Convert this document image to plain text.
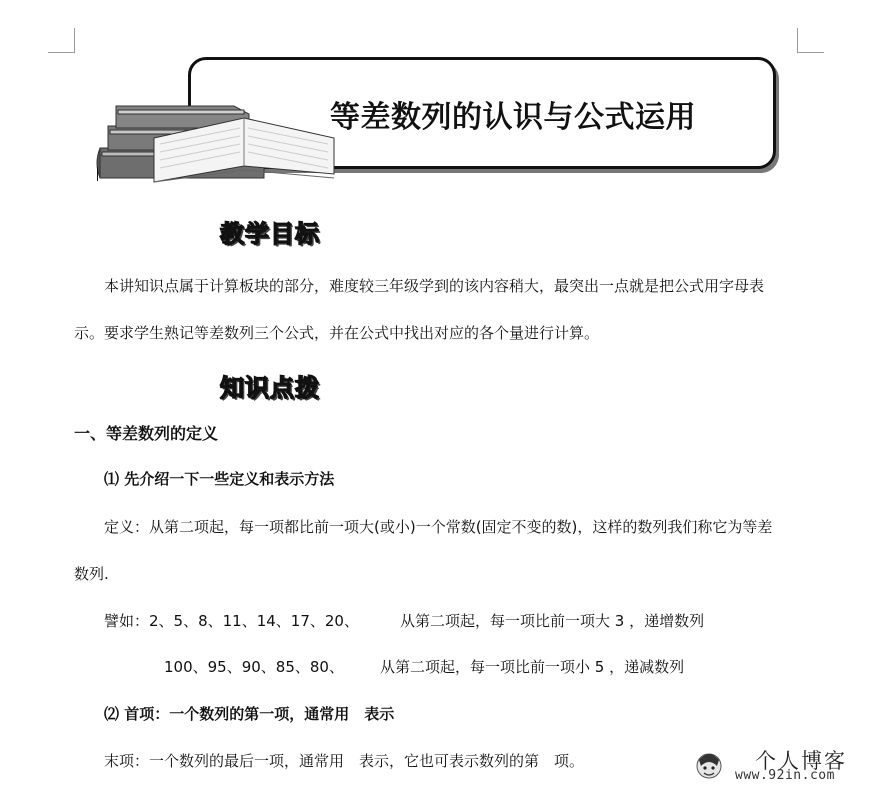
等差数列的认识与公式运用
教学目标
本讲知识点属于计算板块的部分，难度较三年级学到的该内容稍大，最突出一点就是把公式用字母表
示。要求学生熟记等差数列三个公式，并在公式中找出对应的各个量进行计算。
知识点拨
一、等差数列的定义
⑴ 先介绍一下一些定义和表示方法
定义：从第二项起，每一项都比前一项大(或小)一个常数(固定不变的数)，这样的数列我们称它为等差
数列.
譬如：2、5、8、11、14、17、20、	从第二项起，每一项比前一项大 3 ，递增数列
100、95、90、85、80、 从第二项起，每一项比前一项小 5 ，递减数列
⑵ 首项：一个数列的第一项，通常用　表示
末项：一个数列的最后一项，通常用　表示，它也可表示数列的第　项。	个人博客
www.92in.com
